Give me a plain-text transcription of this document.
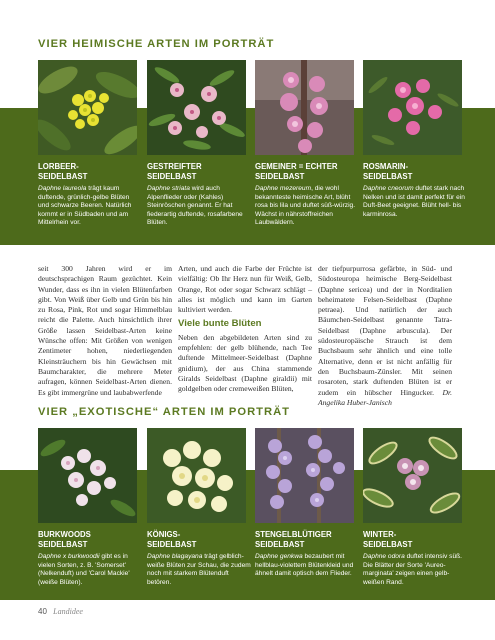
VIER HEIMISCHE ARTEN IM PORTRÄT

LORBEER-
SEIDELBAST

Daphne laureola trägt kaum duftende, grünlich-gelbe Blüten und schwarze Beeren. Natürlich kommt er in Südbaden und am Mittelrhein vor.

GESTREIFTER
SEIDELBAST

Daphne striata wird auch Alpenflieder oder (Kahles) Steinröschen genannt. Er hat fiederartig duftende, rosafarbene Blüten.

GEMEINER = ECHTER
SEIDELBAST

Daphne mezereum, die wohl bekannteste heimische Art, blüht rosa bis lila und duftet süß-würzig. Wächst in nährstoffreichen Laubwäldern.

ROSMARIN-
SEIDELBAST

Daphne cneorum duftet stark nach Nelken und ist damit perfekt für ein Duft-Beet geeignet. Blüht hell- bis karminrosa.

seit 300 Jahren wird er im deutschsprachigen Raum gezüchtet. Kein Wunder, dass es ihn in vielen Blütenfarben gibt. Von Weiß über Gelb und Grün bis hin zu Rosa, Pink, Rot und sogar Himmelblau reicht die Palette. Auch hinsichtlich ihrer Größe lassen Seidelbast-Arten keine Wünsche offen: Mit Größen von wenigen Zentimeter hohen, niederliegenden Kleinsträuchern bis hin Gewächsen mit Baumcharakter, die mehrere Meter aufragen, können Seidelbast-Arten dienen. Es gibt immergrüne und laubabwerfende

Arten, und auch die Farbe der Früchte ist vielfältig: Ob Ihr Herz nun für Weiß, Gelb, Orange, Rot oder sogar Schwarz schlägt – alles ist möglich und kann im Garten kultiviert werden.

Viele bunte Blüten

Neben den abgebildeten Arten sind zu empfehlen: der gelb blühende, nach Tee duftende Mittelmeer-Seidelbast (Daphne gnidium), der aus China stammende Giralds Seidelbast (Daphne giraldii) mit goldgelben oder cremeweißen Blüten,

der tiefpurpurrosa gefärbte, in Süd- und Südosteuropa heimische Berg-Seidelbast (Daphne sericea) und der in Norditalien beheimatete Felsen-Seidelbast (Daphne petraea). Und natürlich der auch Bäumchen-Seidelbast genannte Tatra-Seidelbast (Daphne arbuscula). Der südosteuropäische Strauch ist dem Buchsbaum sehr ähnlich und eine tolle Alternative, denn er ist nicht anfällig für den Buchsbaum-Zünsler. Mit seinen rosaroten, stark duftenden Blüten ist er zudem ein hübscher Hingucker. Dr. Angelika Huber-Janisch

VIER „EXOTISCHE“ ARTEN IM PORTRÄT

BURKWOODS
SEIDELBAST

Daphne x burkwoodii gibt es in vielen Sorten, z. B. 'Somerset' (Nelkenduft) und 'Carol Mackie' (weiße Blüten).

KÖNIGS-
SEIDELBAST

Daphne blagayana trägt gelblich-weiße Blüten zur Schau, die zudem noch mit starkem Blütenduft betören.

STENGELBLÜTIGER
SEIDELBAST

Daphne genkwa bezaubert mit hellblau-violettem Blütenkleid und ähnelt damit optisch dem Flieder.

WINTER-
SEIDELBAST

Daphne odora duftet intensiv süß. Die Blätter der Sorte 'Aureo-marginata' zeigen einen gelb-weißen Rand.

40 Landidee
